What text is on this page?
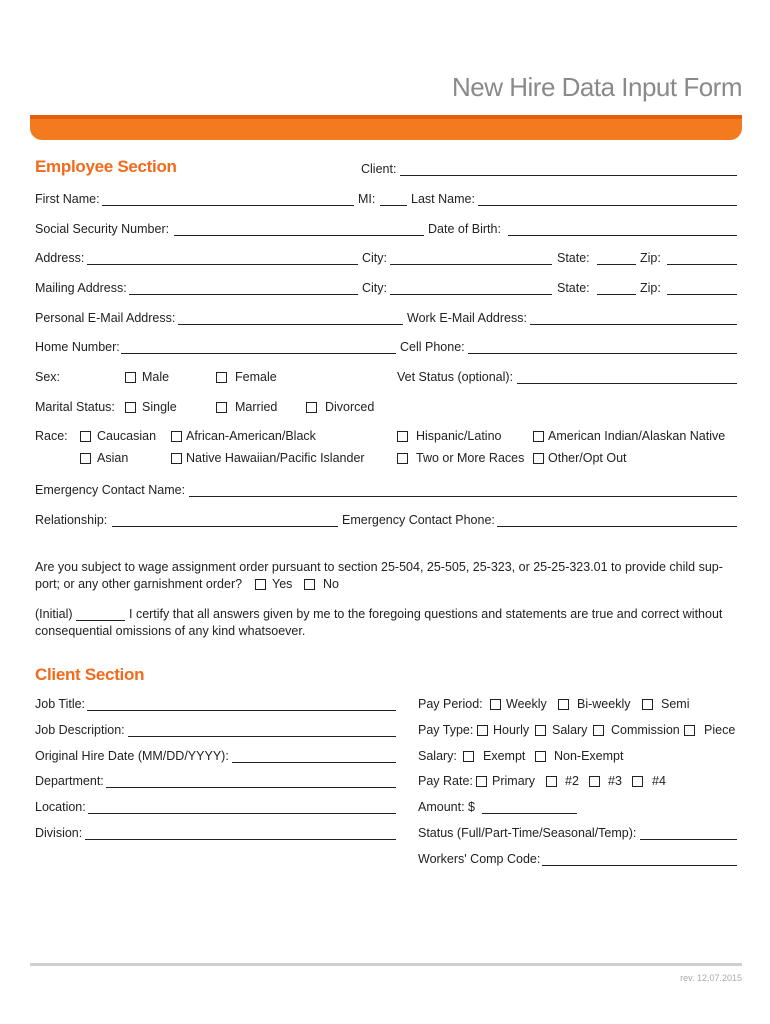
New Hire Data Input Form
Employee Section	Client:
First Name:	MI:	Last Name:
Social Security Number:	Date of Birth:
Address:	City:	State:	Zip:
Mailing Address:	City:	State:	Zip:
Personal E-Mail Address:	Work E-Mail Address:
Home Number:	Cell Phone:
Sex:	Male	Female	Vet Status (optional):
Marital Status: Single	Married	Divorced
Race: Caucasian African-American/Black	Hispanic/Latino	American Indian/Alaskan Native
Asian	Native Hawaiian/Pacific Islander	Two or More Races Other/Opt Out
Emergency Contact Name:
Relationship:	Emergency Contact Phone:
Are you subject to wage assignment order pursuant to section 25-504, 25-505, 25-323, or 25-25-323.01 to provide child sup-
port; or any other garnishment order? Yes No
(Initial)	I certify that all answers given by me to the foregoing questions and statements are true and correct without
consequential omissions of any kind whatsoever.
Client Section
Job Title:	Pay Period: Weekly Bi-weekly Semi
Job Description:	Pay Type: Hourly Salary Commission Piece
Original Hire Date (MM/DD/YYYY):	Salary: Exempt Non-Exempt
Department:	Pay Rate: Primary #2 #3 #4
Location:	Amount: $
Division:	Status (Full/Part-Time/Seasonal/Temp):
Workers' Comp Code:
rev. 12.07.2015
